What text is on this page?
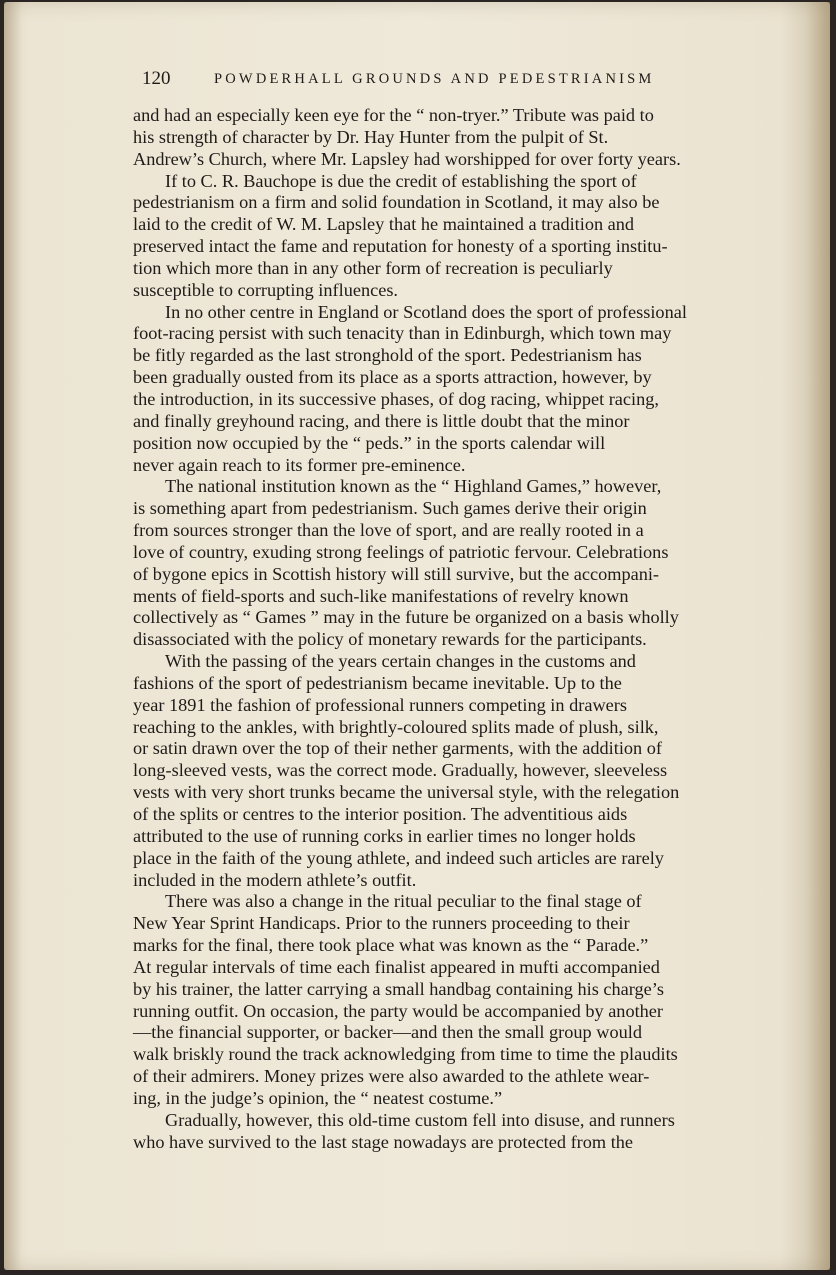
120	POWDERHALL GROUNDS AND PEDESTRIANISM
and had an especially keen eye for the “ non-tryer.” Tribute was paid to
his strength of character by Dr. Hay Hunter from the pulpit of St.
Andrew’s Church, where Mr. Lapsley had worshipped for over forty years.
If to C. R. Bauchope is due the credit of establishing the sport of
pedestrianism on a firm and solid foundation in Scotland, it may also be
laid to the credit of W. M. Lapsley that he maintained a tradition and
preserved intact the fame and reputation for honesty of a sporting institu-
tion which more than in any other form of recreation is peculiarly
susceptible to corrupting influences.
In no other centre in England or Scotland does the sport of professional
foot-racing persist with such tenacity than in Edinburgh, which town may
be fitly regarded as the last stronghold of the sport. Pedestrianism has
been gradually ousted from its place as a sports attraction, however, by
the introduction, in its successive phases, of dog racing, whippet racing,
and finally greyhound racing, and there is little doubt that the minor
position now occupied by the “ peds.” in the sports calendar will
never again reach to its former pre-eminence.
The national institution known as the “ Highland Games,” however,
is something apart from pedestrianism. Such games derive their origin
from sources stronger than the love of sport, and are really rooted in a
love of country, exuding strong feelings of patriotic fervour. Celebrations
of bygone epics in Scottish history will still survive, but the accompani-
ments of field-sports and such-like manifestations of revelry known
collectively as “ Games ” may in the future be organized on a basis wholly
disassociated with the policy of monetary rewards for the participants.
With the passing of the years certain changes in the customs and
fashions of the sport of pedestrianism became inevitable. Up to the
year 1891 the fashion of professional runners competing in drawers
reaching to the ankles, with brightly-coloured splits made of plush, silk,
or satin drawn over the top of their nether garments, with the addition of
long-sleeved vests, was the correct mode. Gradually, however, sleeveless
vests with very short trunks became the universal style, with the relegation
of the splits or centres to the interior position. The adventitious aids
attributed to the use of running corks in earlier times no longer holds
place in the faith of the young athlete, and indeed such articles are rarely
included in the modern athlete’s outfit.
There was also a change in the ritual peculiar to the final stage of
New Year Sprint Handicaps. Prior to the runners proceeding to their
marks for the final, there took place what was known as the “ Parade.”
At regular intervals of time each finalist appeared in mufti accompanied
by his trainer, the latter carrying a small handbag containing his charge’s
running outfit. On occasion, the party would be accompanied by another
—the financial supporter, or backer—and then the small group would
walk briskly round the track acknowledging from time to time the plaudits
of their admirers. Money prizes were also awarded to the athlete wear-
ing, in the judge’s opinion, the “ neatest costume.”
Gradually, however, this old-time custom fell into disuse, and runners
who have survived to the last stage nowadays are protected from the
